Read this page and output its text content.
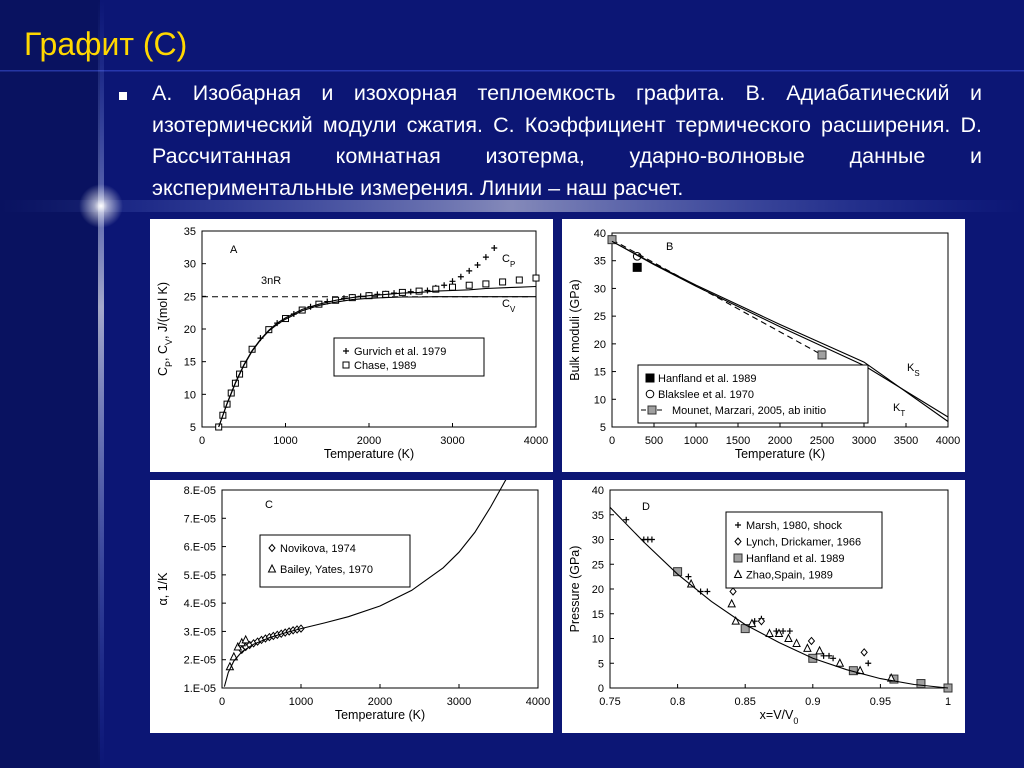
Графит (С)
А. Изобарная и изохорная теплоемкость графита. В. Адиабатический и изотермический модули сжатия. С. Коэффициент термического расширения. D. Рассчитанная комнатная изотерма, ударно-волновые данные и экспериментальные измерения. Линии – наш расчет.
5
10
15
20
25
30
35
0	1000	2000	3000	4000
Temperature (K)
$C_P$, $C_V$, J/(mol K)
Gurvich et al. 1979
Chase, 1989
A
3nR
$C_P$
$C_V$
5
10
15
20
25
30
35
40
0	500 1000 1500 2000 2500 3000 3500 4000
Temperature (K)
Bulk moduli (GPa)	Hanfland et al. 1989
Blakslee et al. 1970
Mounet, Marzari, 2005, ab initio
B
$K_S$
$K_T$
1.E-05
2.E-05
3.E-05
4.E-05
5.E-05
6.E-05
7.E-05
8.E-05
0	1000	2000	3000	4000
Temperature (K)
α, 1/K
Novikova, 1974
Bailey, Yates, 1970
C
0
5
10
15
20
25
30
35
40
0.75	0.8	0.85	0.9	0.95	1
$x=V/V_0$
Pressure (GPa)
Marsh, 1980, shock
Lynch, Drickamer, 1966
Hanfland et al. 1989
Zhao,Spain, 1989
D
